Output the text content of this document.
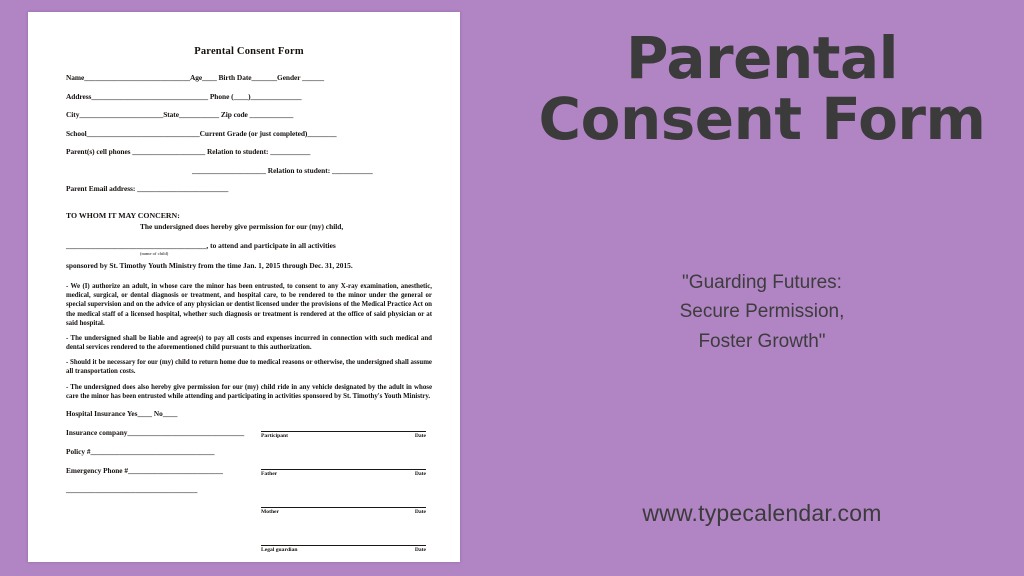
Parental Consent Form
Name_____________________________Age____ Birth Date_______Gender ______
Address________________________________ Phone (____)______________
City_______________________State___________ Zip code ____________
School_______________________________Current Grade (or just completed)________
Parent(s) cell phones ____________________ Relation to student: ___________
____________________ Relation to student: ___________
Parent Email address: _________________________
TO WHOM IT MAY CONCERN:
The undersigned does hereby give permission for our (my) child,
______________________________________, to attend and participate in all activities
(name of child)
sponsored by St. Timothy Youth Ministry from the time Jan. 1, 2015 through Dec. 31, 2015.

- We (I) authorize an adult, in whose care the minor has been entrusted, to consent to any X-ray examination, anesthetic, medical, surgical, or dental diagnosis or treatment, and hospital care, to be rendered to the minor under the general or special supervision and on the advice of any physician or dentist licensed under the provisions of the Medical Practice Act on the medical staff of a licensed hospital, whether such diagnosis or treatment is rendered at the office of said physician or at said hospital.

- The undersigned shall be liable and agree(s) to pay all costs and expenses incurred in connection with such medical and dental services rendered to the aforementioned child pursuant to this authorization.

- Should it be necessary for our (my) child to return home due to medical reasons or otherwise, the undersigned shall assume all transportation costs.

- The undersigned does also hereby give permission for our (my) child ride in any vehicle designated by the adult in whose care the minor has been entrusted while attending and participating in activities sponsored by St. Timothy's Youth Ministry.

Hospital Insurance Yes____ No____
Insurance company________________________________
Policy #__________________________________
Emergency Phone #__________________________
____________________________________
Participant	Date
Father	Date
Mother	Date
Legal guardian	Date
Parental
Consent Form
"Guarding Futures:
Secure Permission,
Foster Growth"
www.typecalendar.com
